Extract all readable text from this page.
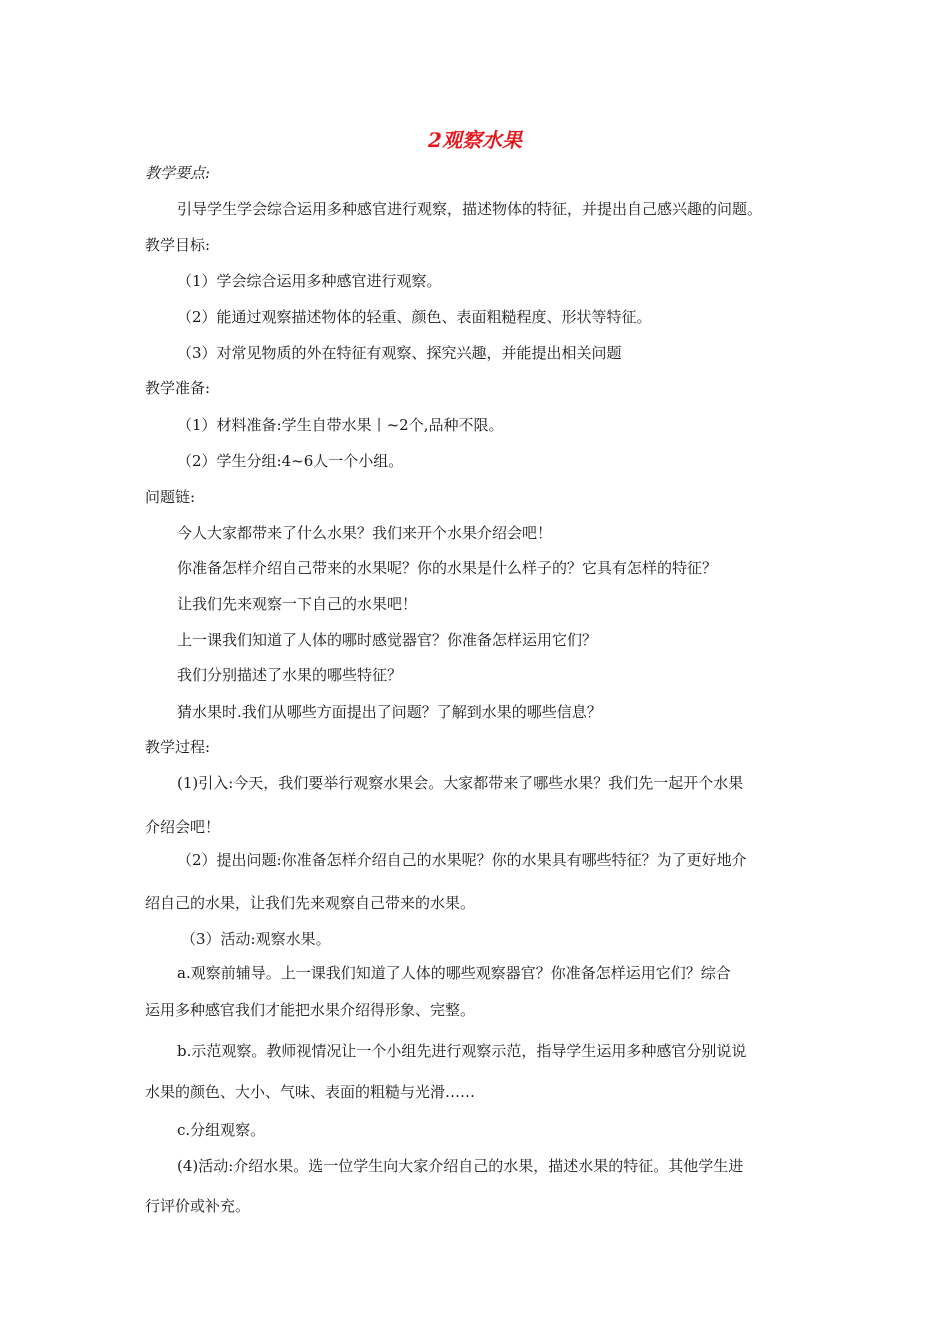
2观察水果
教学要点:
引导学生学会综合运用多种感官进行观察，描述物体的特征，并提出自己感兴趣的问题。
教学目标:
（1）学会综合运用多种感官进行观察。
（2）能通过观察描述物体的轻重、颜色、表面粗糙程度、形状等特征。
（3）对常见物质的外在特征有观察、探究兴趣，并能提出相关问题
教学准备:
（1）材料准备:学生自带水果丨~2个,品种不限。
（2）学生分组:4~6人一个小组。
问题链:
今人大家都带来了什么水果？我们来开个水果介绍会吧！
你准备怎样介绍自己带来的水果呢？你的水果是什么样子的？它具有怎样的特征？
让我们先来观察一下自己的水果吧！
上一课我们知道了人体的哪时感觉器官？你准备怎样运用它们？
我们分别描述了水果的哪些特征？
猜水果时.我们从哪些方面提出了问题？了解到水果的哪些信息？
教学过程:
(1)引入:今天，我们要举行观察水果会。大家都带来了哪些水果？我们先一起开个水果
介绍会吧！
（2）提出问题:你准备怎样介绍自己的水果呢？你的水果具有哪些特征？为了更好地介
绍自己的水果，让我们先来观察自己带来的水果。
（3）活动:观察水果。
a.观察前辅导。上一课我们知道了人体的哪些观察器官？你准备怎样运用它们？综合
运用多种感官我们才能把水果介绍得形象、完整。
b.示范观察。教师视情况让一个小组先进行观察示范，指导学生运用多种感官分别说说
水果的颜色、大小、气味、表面的粗糙与光滑……
c.分组观察。
(4)活动:介绍水果。选一位学生向大家介绍自己的水果，描述水果的特征。其他学生进
行评价或补充。
